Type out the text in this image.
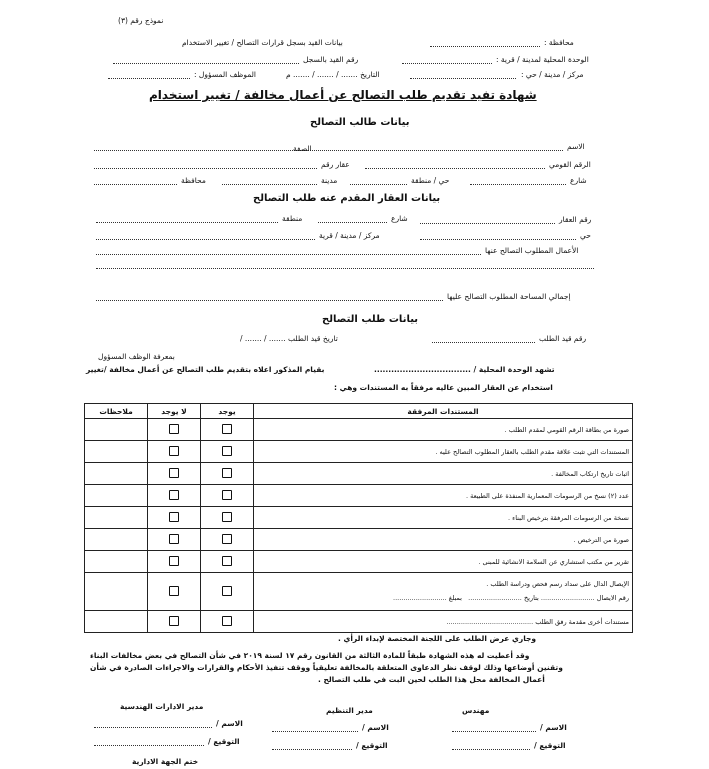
نموذج رقم (٣)
محافظة :
بيانات القيد بسجل قرارات التصالح / تغيير الاستخدام
الوحدة المحلية لمدينة / قرية :
رقم القيد بالسجل
مركز / مدينة / حي :
التاريخ ....... / ....... / ....... م
الموظف المسؤول :
شهادة تفيد تقديم طلب التصالح عن أعمال مخالفة / تغيير استخدام
بيانات طالب التصالح
الاسم
الصفة
الرقم القومي
عقار رقم
شارع
حي / منطقة
مدينة
محافظة
بيانات العقار المقدم عنه طلب التصالح
رقم العقار
شارع
منطقة
حي
مركز / مدينة / قرية
الأعمال المطلوب التصالح عنها
إجمالي المساحة المطلوب التصالح عليها
بيانات طلب التصالح
رقم قيد الطلب
تاريخ قيد الطلب ....... / ....... /
بمعرفة الوظف المسؤول
تشهد الوحدة المحلية / ..................................
بقيام المذكور اعلاه بتقديم طلب التصالح عن أعمال مخالفة /تغيير
استخدام عن العقار المبين عاليه مرفقاً به المستندات وهي :
المستندات المرفقة	يوجد	لا يوجد	ملاحظات
صورة من بطاقة الرقم القومي لمقدم الطلب .			
المستندات التي تثبت علاقة مقدم الطلب بالعقار المطلوب التصالح عليه .			
اثبات تاريخ ارتكاب المخالفة .			
عدد (٢) نسخ من الرسومات المعمارية المنفذة على الطبيعة .			
نسخة من الرسومات المرفقة بترخيص البناء .			
صورة من الترخيص .			
تقرير من مكتب استشاري عن السلامة الانشائية للمبنى .			

الإيصال الدال على سداد رسم فحص ودراسة الطلب .
رقم الايصال .......................... بتاريخ ..........................   بمبلغ ..........................			

مستندات أخرى مقدمة رفق الطلب ..........................................			
وجاري عرض الطلب على اللجنة المختصة لإبداء الرأي .
وقد أعطيت له هذه الشهادة طبقاً للمادة الثالثة من القانون رقم ١٧ لسنة ٢٠١٩ في شأن التصالح في بعض مخالفات البناء
وتقنين أوضاعها وذلك لوقف نظر الدعاوى المتعلقة بالمخالفة تعليقياً ووقف تنفيذ الأحكام والقرارات والاجراءات الصادرة في شأن
أعمال المخالفة محل هذا الطلب لحين البت في طلب التصالح .
مهندس
الاسم /
التوقيع /
مدير التنظيم
الاسم /
التوقيع /
مدير الادارات الهندسية
الاسم /
التوقيع /
ختم الجهة الادارية
